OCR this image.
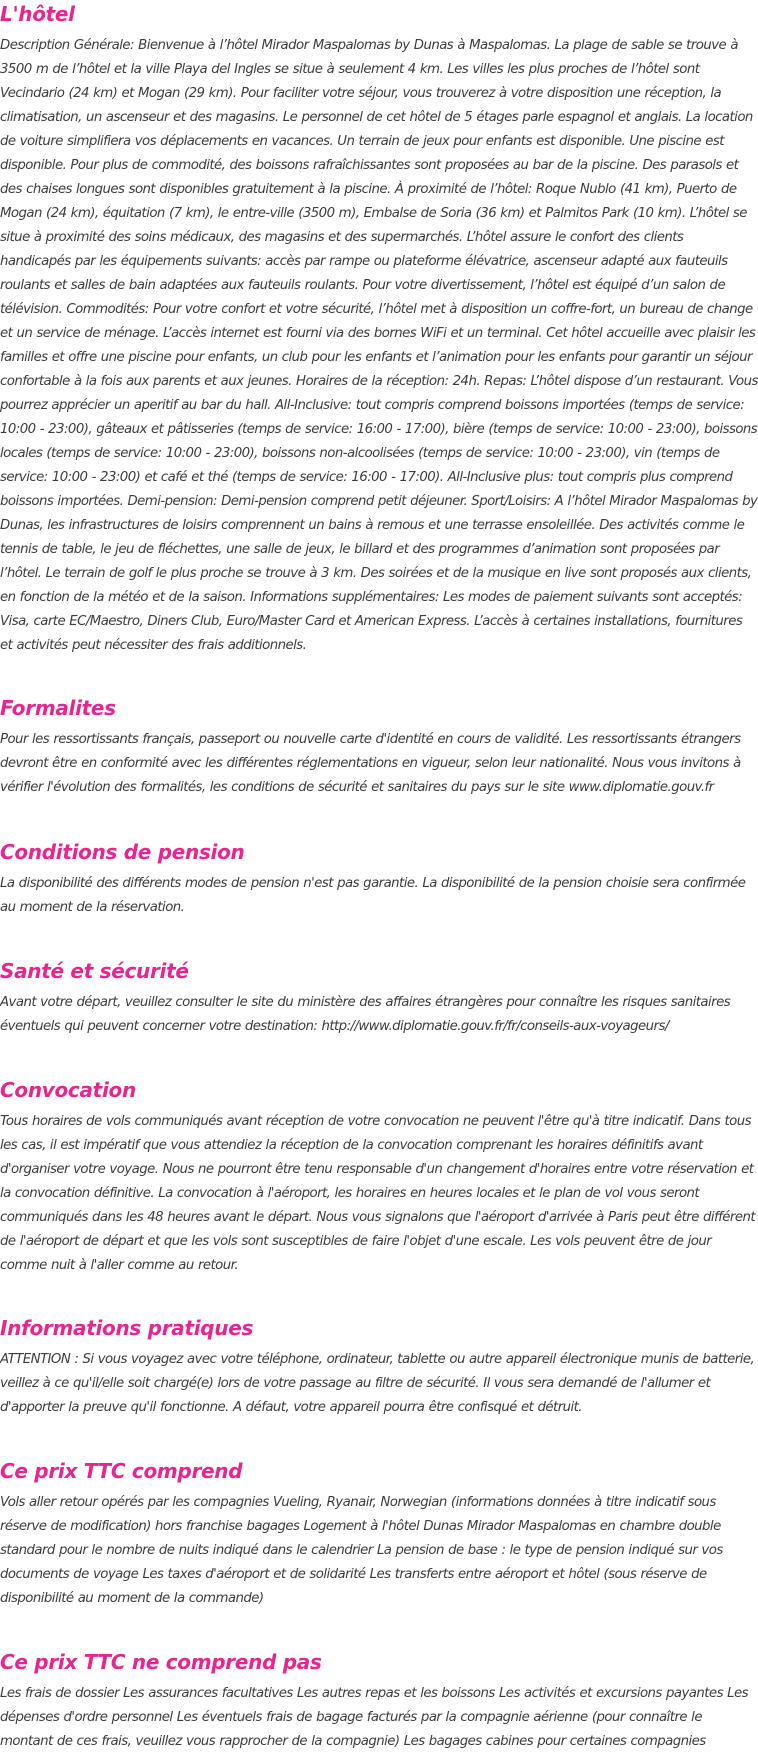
L'hôtel

Description Générale: Bienvenue à l’hôtel Mirador Maspalomas by Dunas à Maspalomas. La plage de sable se trouve à 3500 m de l’hôtel et la ville Playa del Ingles se situe à seulement 4 km. Les villes les plus proches de l’hôtel sont Vecindario (24 km) et Mogan (29 km). Pour faciliter votre séjour, vous trouverez à votre disposition une réception, la climatisation, un ascenseur et des magasins. Le personnel de cet hôtel de 5 étages parle espagnol et anglais. La location de voiture simplifiera vos déplacements en vacances. Un terrain de jeux pour enfants est disponible. Une piscine est disponible. Pour plus de commodité, des boissons rafraîchissantes sont proposées au bar de la piscine. Des parasols et des chaises longues sont disponibles gratuitement à la piscine. À proximité de l’hôtel: Roque Nublo (41 km), Puerto de Mogan (24 km), équitation (7 km), le entre-ville (3500 m), Embalse de Soria (36 km) et Palmitos Park (10 km). L’hôtel se situe à proximité des soins médicaux, des magasins et des supermarchés. L’hôtel assure le confort des clients handicapés par les équipements suivants: accès par rampe ou plateforme élévatrice, ascenseur adapté aux fauteuils roulants et salles de bain adaptées aux fauteuils roulants. Pour votre divertissement, l’hôtel est équipé d’un salon de télévision. Commodités: Pour votre confort et votre sécurité, l’hôtel met à disposition un coffre-fort, un bureau de change et un service de ménage. L’accès internet est fourni via des bornes WiFi et un terminal. Cet hôtel accueille avec plaisir les familles et offre une piscine pour enfants, un club pour les enfants et l’animation pour les enfants pour garantir un séjour confortable à la fois aux parents et aux jeunes. Horaires de la réception: 24h. Repas: L’hôtel dispose d’un restaurant. Vous pourrez apprécier un aperitif au bar du hall. All-Inclusive: tout compris comprend boissons importées (temps de service: 10:00 - 23:00), gâteaux et pâtisseries (temps de service: 16:00 - 17:00), bière (temps de service: 10:00 - 23:00), boissons locales (temps de service: 10:00 - 23:00), boissons non-alcoolisées (temps de service: 10:00 - 23:00), vin (temps de service: 10:00 - 23:00) et café et thé (temps de service: 16:00 - 17:00). All-Inclusive plus: tout compris plus comprend boissons importées. Demi-pension: Demi-pension comprend petit déjeuner. Sport/Loisirs: A l’hôtel Mirador Maspalomas by Dunas, les infrastructures de loisirs comprennent un bains à remous et une terrasse ensoleillée. Des activités comme le tennis de table, le jeu de fléchettes, une salle de jeux, le billard et des programmes d’animation sont proposées par l’hôtel. Le terrain de golf le plus proche se trouve à 3 km. Des soirées et de la musique en live sont proposés aux clients, en fonction de la météo et de la saison. Informations supplémentaires: Les modes de paiement suivants sont acceptés: Visa, carte EC/Maestro, Diners Club, Euro/Master Card et American Express. L’accès à certaines installations, fournitures et activités peut nécessiter des frais additionnels.

Formalites

Pour les ressortissants français, passeport ou nouvelle carte d'identité en cours de validité. Les ressortissants étrangers devront être en conformité avec les différentes réglementations en vigueur, selon leur nationalité. Nous vous invitons à vérifier l'évolution des formalités, les conditions de sécurité et sanitaires du pays sur le site www.diplomatie.gouv.fr

Conditions de pension

La disponibilité des différents modes de pension n'est pas garantie. La disponibilité de la pension choisie sera confirmée au moment de la réservation.

Santé et sécurité

Avant votre départ, veuillez consulter le site du ministère des affaires étrangères pour connaître les risques sanitaires éventuels qui peuvent concerner votre destination: http://www.diplomatie.gouv.fr/fr/conseils-aux-voyageurs/

Convocation

Tous horaires de vols communiqués avant réception de votre convocation ne peuvent l'être qu'à titre indicatif. Dans tous les cas, il est impératif que vous attendiez la réception de la convocation comprenant les horaires définitifs avant d'organiser votre voyage. Nous ne pourront être tenu responsable d'un changement d'horaires entre votre réservation et la convocation définitive. La convocation à l'aéroport, les horaires en heures locales et le plan de vol vous seront communiqués dans les 48 heures avant le départ. Nous vous signalons que l'aéroport d'arrivée à Paris peut être différent de l'aéroport de départ et que les vols sont susceptibles de faire l'objet d'une escale. Les vols peuvent être de jour comme nuit à l'aller comme au retour.

Informations pratiques

ATTENTION : Si vous voyagez avec votre téléphone, ordinateur, tablette ou autre appareil électronique munis de batterie, veillez à ce qu'il/elle soit chargé(e) lors de votre passage au filtre de sécurité. Il vous sera demandé de l'allumer et d'apporter la preuve qu'il fonctionne. A défaut, votre appareil pourra être confisqué et détruit.

Ce prix TTC comprend

Vols aller retour opérés par les compagnies Vueling, Ryanair, Norwegian (informations données à titre indicatif sous réserve de modification) hors franchise bagages Logement à l'hôtel Dunas Mirador Maspalomas en chambre double standard pour le nombre de nuits indiqué dans le calendrier La pension de base : le type de pension indiqué sur vos documents de voyage Les taxes d'aéroport et de solidarité Les transferts entre aéroport et hôtel (sous réserve de disponibilité au moment de la commande)

Ce prix TTC ne comprend pas

Les frais de dossier Les assurances facultatives Les autres repas et les boissons Les activités et excursions payantes Les dépenses d'ordre personnel Les éventuels frais de bagage facturés par la compagnie aérienne (pour connaître le montant de ces frais, veuillez vous rapprocher de la compagnie) Les bagages cabines pour certaines compagnies
